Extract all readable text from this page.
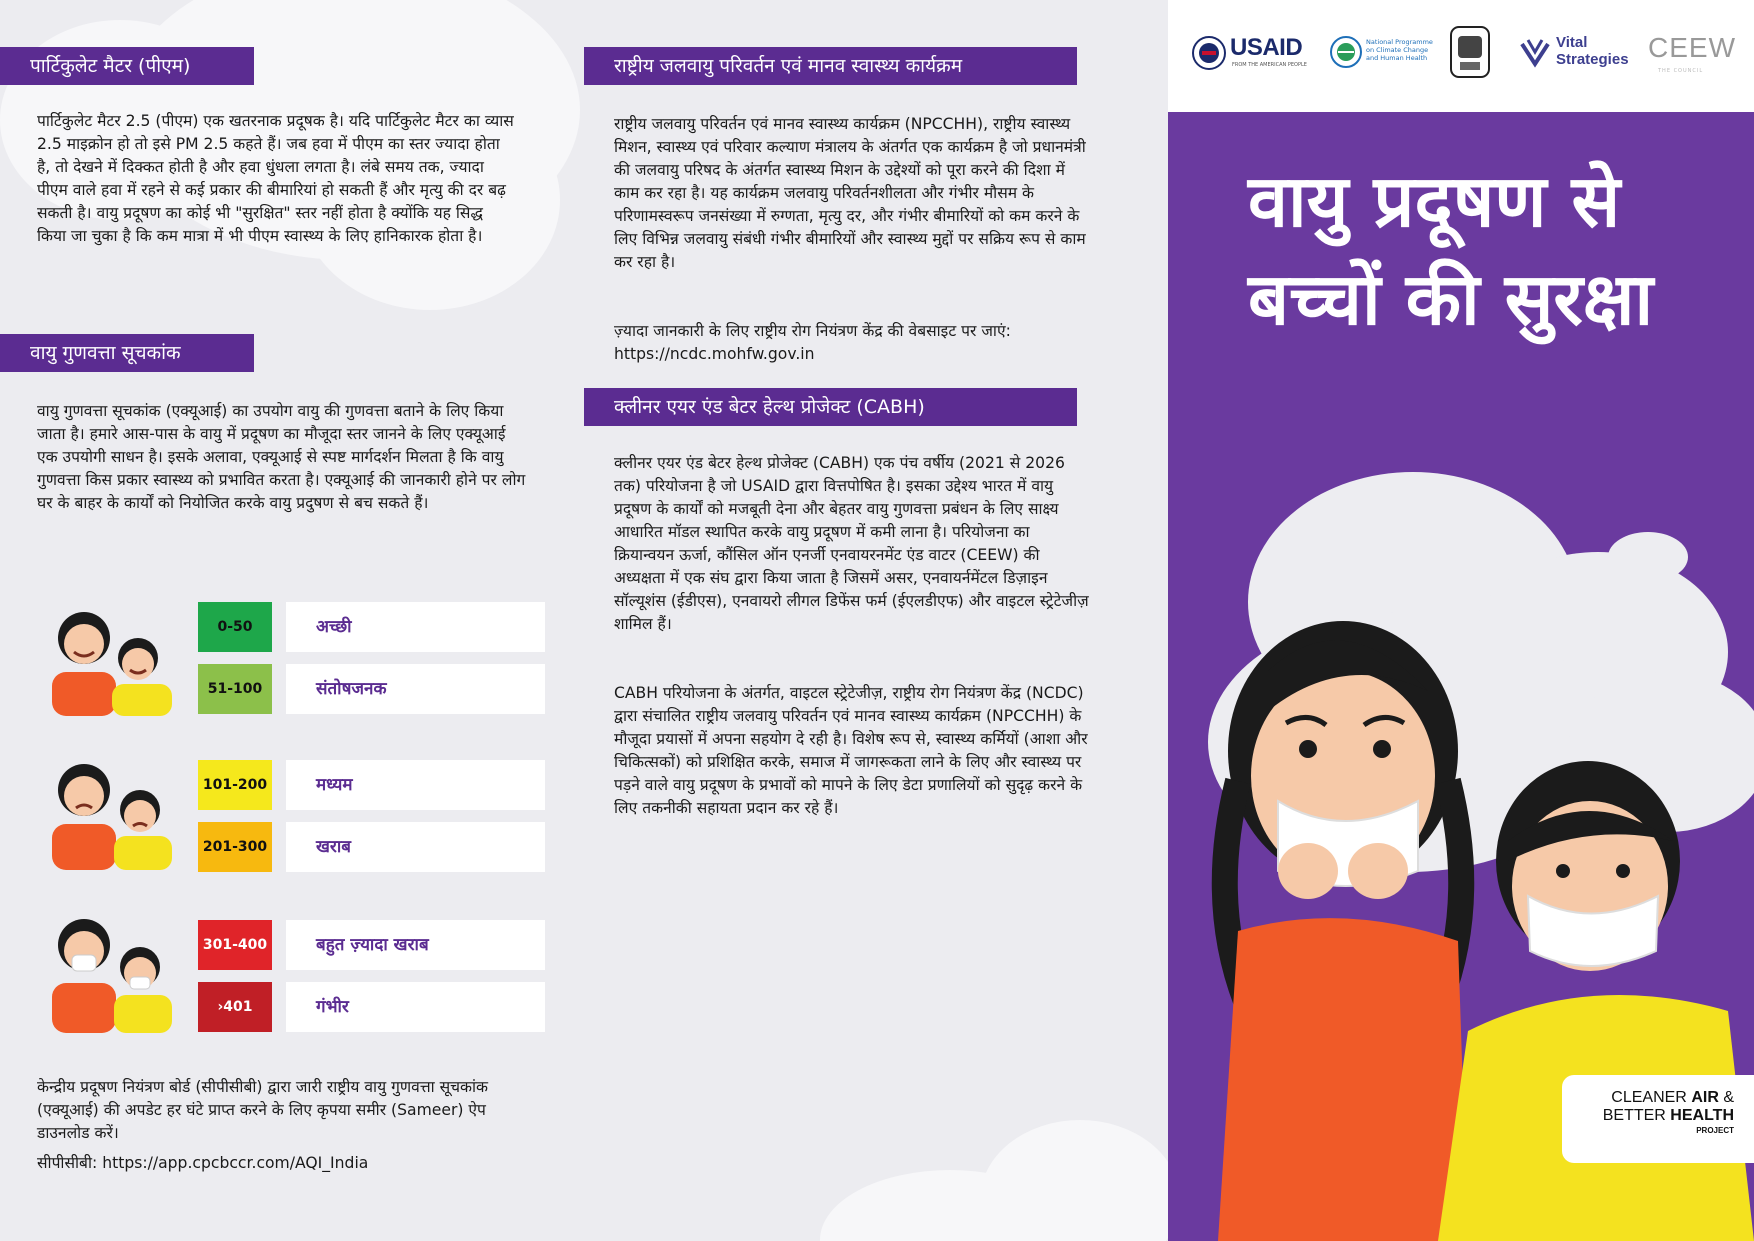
पार्टिकुलेट मैटर (पीएम)
पार्टिकुलेट मैटर 2.5 (पीएम) एक खतरनाक प्रदूषक है। यदि पार्टिकुलेट मैटर का व्यास 2.5 माइक्रोन हो तो इसे PM 2.5 कहते हैं। जब हवा में पीएम का स्तर ज्यादा होता है, तो देखने में दिक्कत होती है और हवा धुंधला लगता है। लंबे समय तक, ज्यादा पीएम वाले हवा में रहने से कई प्रकार की बीमारियां हो सकती हैं और मृत्यु की दर बढ़ सकती है। वायु प्रदूषण का कोई भी "सुरक्षित" स्तर नहीं होता है क्योंकि यह सिद्ध किया जा चुका है कि कम मात्रा में भी पीएम स्वास्थ्य के लिए हानिकारक होता है।
वायु गुणवत्ता सूचकांक
वायु गुणवत्ता सूचकांक (एक्यूआई) का उपयोग वायु की गुणवत्ता बताने के लिए किया जाता है। हमारे आस-पास के वायु में प्रदूषण का मौजूदा स्तर जानने के लिए एक्यूआई एक उपयोगी साधन है। इसके अलावा, एक्यूआई से स्पष्ट मार्गदर्शन मिलता है कि वायु गुणवत्ता किस प्रकार स्वास्थ्य को प्रभावित करता है। एक्यूआई की जानकारी होने पर लोग घर के बाहर के कार्यों को नियोजित करके वायु प्रदुषण से बच सकते हैं।
0-50	अच्छी
51-100	संतोषजनक
101-200	मध्यम
201-300	खराब
301-400	बहुत ज़्यादा खराब
›401	गंभीर
केन्द्रीय प्रदूषण नियंत्रण बोर्ड (सीपीसीबी) द्वारा जारी राष्ट्रीय वायु गुणवत्ता सूचकांक (एक्यूआई) की अपडेट हर घंटे प्राप्त करने के लिए कृपया समीर (Sameer) ऐप डाउनलोड करें।
सीपीसीबी: https://app.cpcbccr.com/AQI_India
राष्ट्रीय जलवायु परिवर्तन एवं मानव स्वास्थ्य कार्यक्रम
राष्ट्रीय जलवायु परिवर्तन एवं मानव स्वास्थ्य कार्यक्रम (NPCCHH), राष्ट्रीय स्वास्थ्य मिशन, स्वास्थ्य एवं परिवार कल्याण मंत्रालय के अंतर्गत एक कार्यक्रम है जो प्रधानमंत्री की जलवायु परिषद के अंतर्गत स्वास्थ्य मिशन के उद्देश्यों को पूरा करने की दिशा में काम कर रहा है। यह कार्यक्रम जलवायु परिवर्तनशीलता और गंभीर मौसम के परिणामस्वरूप जनसंख्या में रुग्णता, मृत्यु दर, और गंभीर बीमारियों को कम करने के लिए विभिन्न जलवायु संबंधी गंभीर बीमारियों और स्वास्थ्य मुद्दों पर सक्रिय रूप से काम कर रहा है।
ज़्यादा जानकारी के लिए राष्ट्रीय रोग नियंत्रण केंद्र की वेबसाइट पर जाएं: https://ncdc.mohfw.gov.in
क्लीनर एयर एंड बेटर हेल्थ प्रोजेक्ट (CABH)
क्लीनर एयर एंड बेटर हेल्थ प्रोजेक्ट (CABH) एक पंच वर्षीय (2021 से 2026 तक) परियोजना है जो USAID द्वारा वित्तपोषित है। इसका उद्देश्य भारत में वायु प्रदूषण के कार्यों को मजबूती देना और बेहतर वायु गुणवत्ता प्रबंधन के लिए साक्ष्य आधारित मॉडल स्थापित करके वायु प्रदूषण में कमी लाना है। परियोजना का क्रियान्वयन ऊर्जा, कौंसिल ऑन एनर्जी एनवायरनमेंट एंड वाटर (CEEW) की अध्यक्षता में एक संघ द्वारा किया जाता है जिसमें असर, एनवायर्नमेंटल डिज़ाइन सॉल्यूशंस (ईडीएस), एनवायरो लीगल डिफेंस फर्म (ईएलडीएफ) और वाइटल स्ट्रेटेजीज़ शामिल हैं।
CABH परियोजना के अंतर्गत, वाइटल स्ट्रेटेजीज़, राष्ट्रीय रोग नियंत्रण केंद्र (NCDC) द्वारा संचालित राष्ट्रीय जलवायु परिवर्तन एवं मानव स्वास्थ्य कार्यक्रम (NPCCHH) के मौजूदा प्रयासों में अपना सहयोग दे रही है। विशेष रूप से, स्वास्थ्य कर्मियों (आशा और चिकित्सकों) को प्रशिक्षित करके, समाज में जागरूकता लाने के लिए और स्वास्थ्य पर पड़ने वाले वायु प्रदूषण के प्रभावों को मापने के लिए डेटा प्रणालियों को सुदृढ़ करने के लिए तकनीकी सहायता प्रदान कर रहे हैं।
USAID
FROM THE AMERICAN PEOPLE
National Programme
on Climate Change
and Human Health
Vital
Strategies CEEW
THE COUNCIL
वायु प्रदूषण से बच्चों की सुरक्षा
CLEANER AIR &
BETTER HEALTH
PROJECT
